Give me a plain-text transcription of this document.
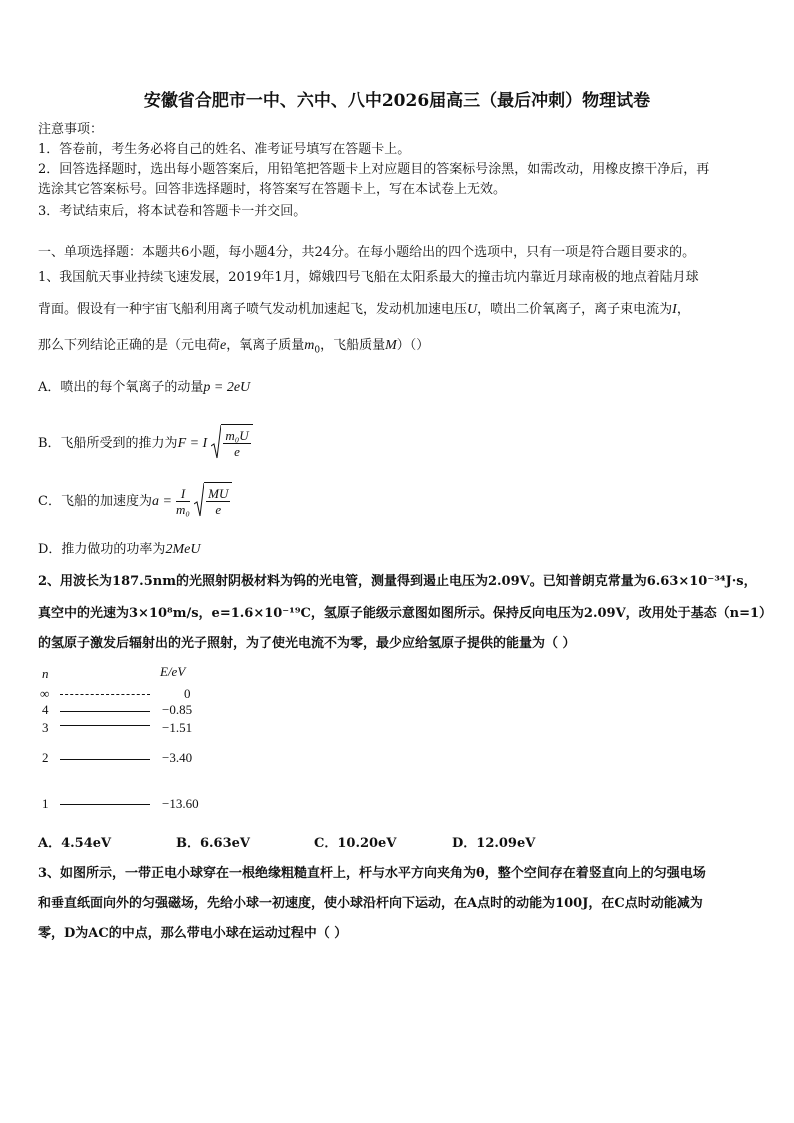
安徽省合肥市一中、六中、八中2026届高三（最后冲刺）物理试卷
注意事项：
1．答卷前，考生务必将自己的姓名、准考证号填写在答题卡上。
2．回答选择题时，选出每小题答案后，用铅笔把答题卡上对应题目的答案标号涂黑，如需改动，用橡皮擦干净后，再
选涂其它答案标号。回答非选择题时，将答案写在答题卡上，写在本试卷上无效。
3．考试结束后，将本试卷和答题卡一并交回。
一、单项选择题：本题共6小题，每小题4分，共24分。在每小题给出的四个选项中，只有一项是符合题目要求的。
1、我国航天事业持续飞速发展，2019年1月，嫦娥四号飞船在太阳系最大的撞击坑内靠近月球南极的地点着陆月球
背面。假设有一种宇宙飞船利用离子喷气发动机加速起飞，发动机加速电压U，喷出二价氧离子，离子束电流为I，
那么下列结论正确的是（元电荷e，氧离子质量$m_0$，飞船质量M）（）
A．喷出的每个氧离子的动量p = 2eU
B．飞船所受到的推力为F = I $\frac{\text{m₀U}}{e}$
C．飞船的加速度为$a = \frac{I}{\text{m₀}}$
$\frac{MU}{e}$
D．推力做功的功率为2MeU
2、用波长为187.5nm的光照射阴极材料为钨的光电管，测量得到遏止电压为2.09V。已知普朗克常量为6.63×10⁻³⁴J·s，
真空中的光速为3×10⁸m/s，e=1.6×10⁻¹⁹C，氢原子能级示意图如图所示。保持反向电压为2.09V，改用处于基态（n=1）
的氢原子激发后辐射出的光子照射，为了使光电流不为零，最少应给氢原子提供的能量为（ ）
n	E/eV
∞	0
4	−0.85
3	−1.51
2	−3.40
1	−13.60
A．4.54eV	B．6.63eV	C．10.20eV	D．12.09eV
3、如图所示，一带正电小球穿在一根绝缘粗糙直杆上，杆与水平方向夹角为θ，整个空间存在着竖直向上的匀强电场
和垂直纸面向外的匀强磁场，先给小球一初速度，使小球沿杆向下运动，在A点时的动能为100J，在C点时动能减为
零，D为AC的中点，那么带电小球在运动过程中（ ）
